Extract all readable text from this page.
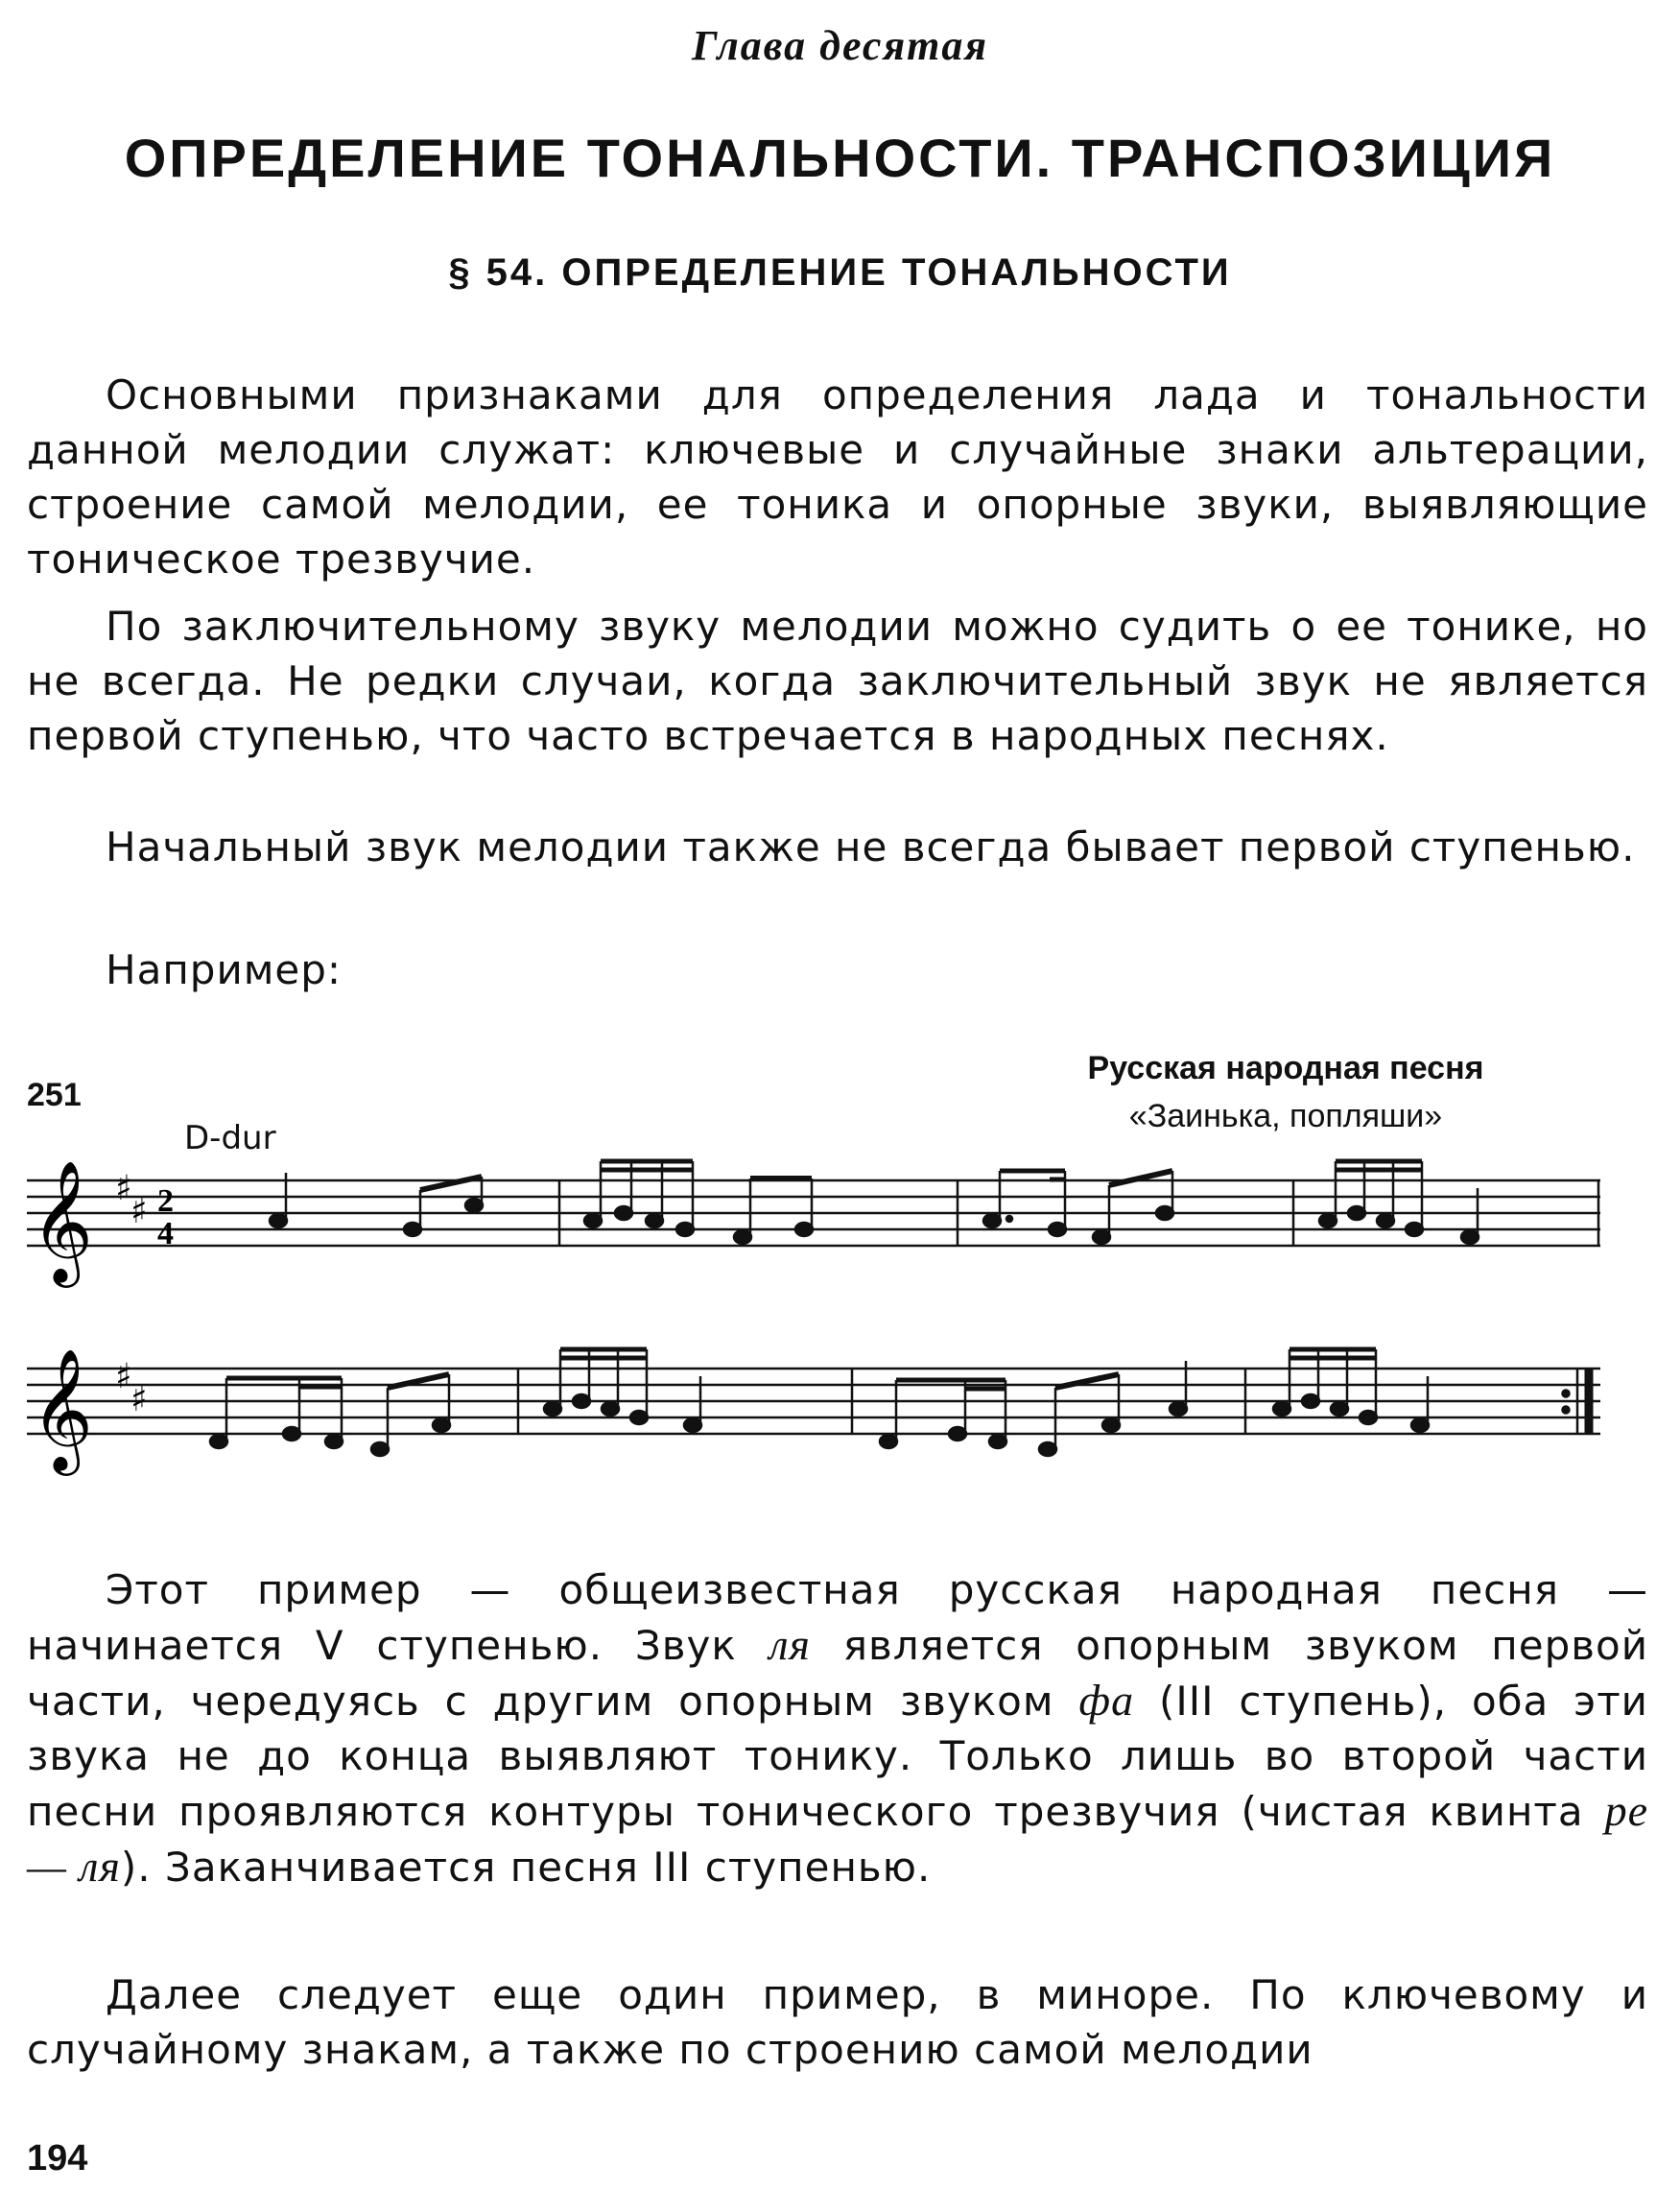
Глава десятая
ОПРЕДЕЛЕНИЕ ТОНАЛЬНОСТИ. ТРАНСПОЗИЦИЯ
§ 54. ОПРЕДЕЛЕНИЕ ТОНАЛЬНОСТИ
Основными признаками для определения лада и тональности данной мелодии служат: ключевые и случайные знаки альтерации, строение самой мелодии, ее тоника и опорные звуки, выявляющие тоническое трезвучие.
По заключительному звуку мелодии можно судить о ее тонике, но не всегда. Не редки случаи, когда заключительный звук не является первой ступенью, что часто встречается в народных песнях.
Начальный звук мелодии также не всегда бывает первой ступенью.
Например:
251
D-dur
Русская народная песня
«Заинька, попляши»
𝄞 ♯
♯ 2
4
𝄞 ♯
♯
Этот пример — общеизвестная русская народная песня — начинается V ступенью. Звук ля является опорным звуком первой части, чередуясь с другим опорным звуком фа (III ступень), оба эти звука не до конца выявляют тонику. Только лишь во второй части песни проявляются контуры тонического трезвучия (чистая квинта ре — ля). Заканчивается песня III ступенью.
Далее следует еще один пример, в миноре. По ключевому и случайному знакам, а также по строению самой мелодии
194
